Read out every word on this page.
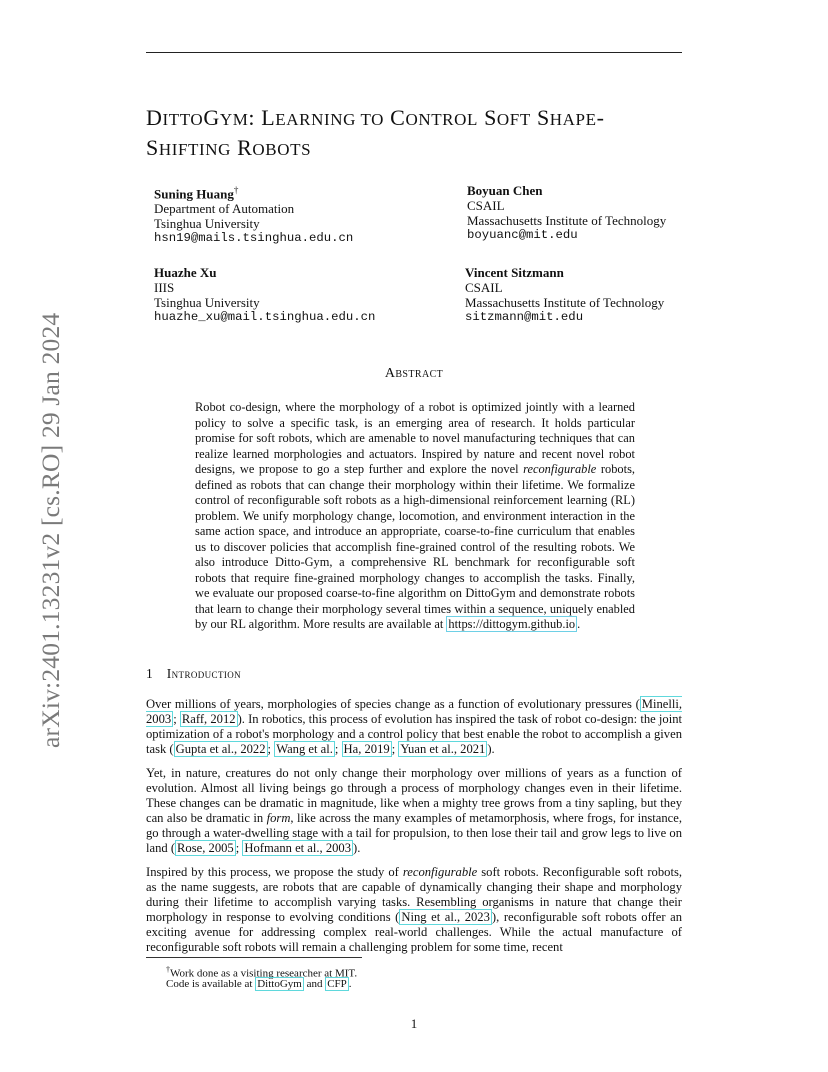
arXiv:2401.13231v2 [cs.RO] 29 Jan 2024
DITTOGYM: LEARNING TO CONTROL SOFT SHAPE-
SHIFTING ROBOTS
Suning Huang†
Department of Automation
Tsinghua University
hsn19@mails.tsinghua.edu.cn
Boyuan Chen
CSAIL
Massachusetts Institute of Technology
boyuanc@mit.edu
Huazhe Xu
IIIS
Tsinghua University
huazhe_xu@mail.tsinghua.edu.cn
Vincent Sitzmann
CSAIL
Massachusetts Institute of Technology
sitzmann@mit.edu
Abstract
Robot co-design, where the morphology of a robot is optimized jointly with a learned policy to solve a specific task, is an emerging area of research. It holds particular promise for soft robots, which are amenable to novel manufacturing techniques that can realize learned morphologies and actuators. Inspired by nature and recent novel robot designs, we propose to go a step further and explore the novel reconfigurable robots, defined as robots that can change their morphology within their lifetime. We formalize control of reconfigurable soft robots as a high-dimensional reinforcement learning (RL) problem. We unify morphology change, locomotion, and environment interaction in the same action space, and introduce an appropriate, coarse-to-fine curriculum that enables us to discover policies that accomplish fine-grained control of the resulting robots. We also introduce Ditto-Gym, a comprehensive RL benchmark for reconfigurable soft robots that require fine-grained morphology changes to accomplish the tasks. Finally, we evaluate our proposed coarse-to-fine algorithm on DittoGym and demonstrate robots that learn to change their morphology several times within a sequence, uniquely enabled by our RL algorithm. More results are available at https://dittogym.github.io .
1 Introduction

Over millions of years, morphologies of species change as a function of evolutionary pressures ( Minelli, 2003 ; Raff, 2012 ). In robotics, this process of evolution has inspired the task of robot co-design: the joint optimization of a robot's morphology and a control policy that best enable the robot to accomplish a given task ( Gupta et al., 2022 ; Wang et al. ; Ha, 2019 ; Yuan et al., 2021 ).

Yet, in nature, creatures do not only change their morphology over millions of years as a function of evolution. Almost all living beings go through a process of morphology changes even in their lifetime. These changes can be dramatic in magnitude, like when a mighty tree grows from a tiny sapling, but they can also be dramatic in form, like across the many examples of metamorphosis, where frogs, for instance, go through a water-dwelling stage with a tail for propulsion, to then lose their tail and grow legs to live on land ( Rose, 2005 ; Hofmann et al., 2003 ).

Inspired by this process, we propose the study of reconfigurable soft robots. Reconfigurable soft robots, as the name suggests, are robots that are capable of dynamically changing their shape and morphology during their lifetime to accomplish varying tasks. Resembling organisms in nature that change their morphology in response to evolving conditions ( Ning et al., 2023 ), reconfigurable soft robots offer an exciting avenue for addressing complex real-world challenges. While the actual manufacture of reconfigurable soft robots will remain a challenging problem for some time, recent

†Work done as a visiting researcher at MIT.
Code is available at DittoGym and CFP .
1
